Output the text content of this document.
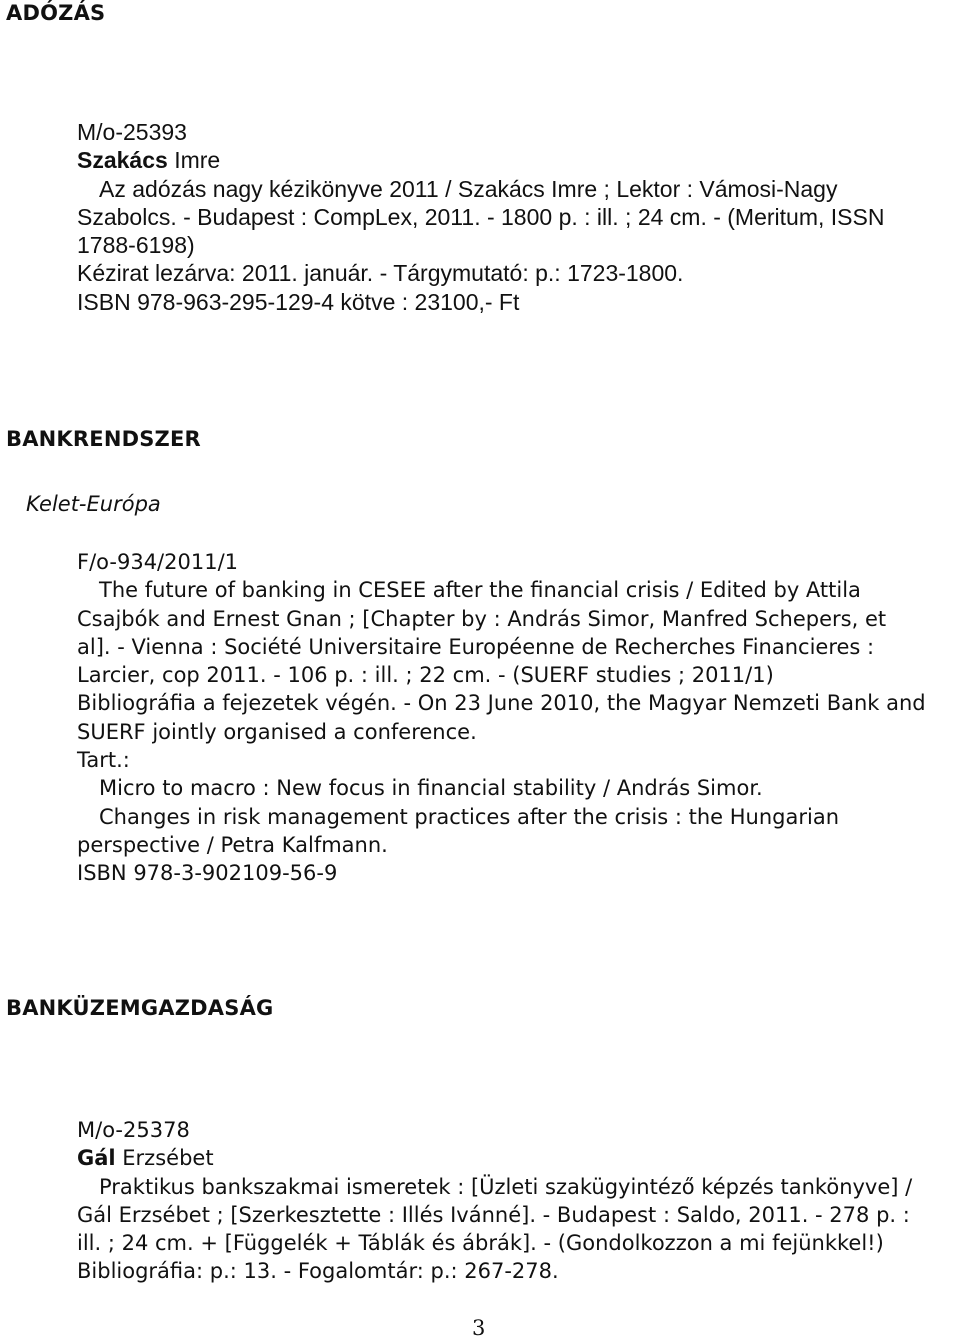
ADÓZÁS
M/o-25393
Szakács Imre
Az adózás nagy kézikönyve 2011 / Szakács Imre ; Lektor : Vámosi-Nagy
Szabolcs. - Budapest : CompLex, 2011. - 1800 p. : ill. ; 24 cm. - (Meritum, ISSN
1788-6198)
Kézirat lezárva: 2011. január. - Tárgymutató: p.: 1723-1800.
ISBN 978-963-295-129-4 kötve : 23100,- Ft
BANKRENDSZER
Kelet-Európa
F/o-934/2011/1
The future of banking in CESEE after the financial crisis / Edited by Attila
Csajbók and Ernest Gnan ; [Chapter by : András Simor, Manfred Schepers, et
al]. - Vienna : Société Universitaire Européenne de Recherches Financieres :
Larcier, cop 2011. - 106 p. : ill. ; 22 cm. - (SUERF studies ; 2011/1)
Bibliográfia a fejezetek végén. - On 23 June 2010, the Magyar Nemzeti Bank and
SUERF jointly organised a conference.
Tart.:
Micro to macro : New focus in financial stability / András Simor.
Changes in risk management practices after the crisis : the Hungarian
perspective / Petra Kalfmann.
ISBN 978-3-902109-56-9
BANKÜZEMGAZDASÁG
M/o-25378
Gál Erzsébet
Praktikus bankszakmai ismeretek : [Üzleti szakügyintéző képzés tankönyve] /
Gál Erzsébet ; [Szerkesztette : Illés Ivánné]. - Budapest : Saldo, 2011. - 278 p. :
ill. ; 24 cm. + [Függelék + Táblák és ábrák]. - (Gondolkozzon a mi fejünkkel!)
Bibliográfia: p.: 13. - Fogalomtár: p.: 267-278.
3
